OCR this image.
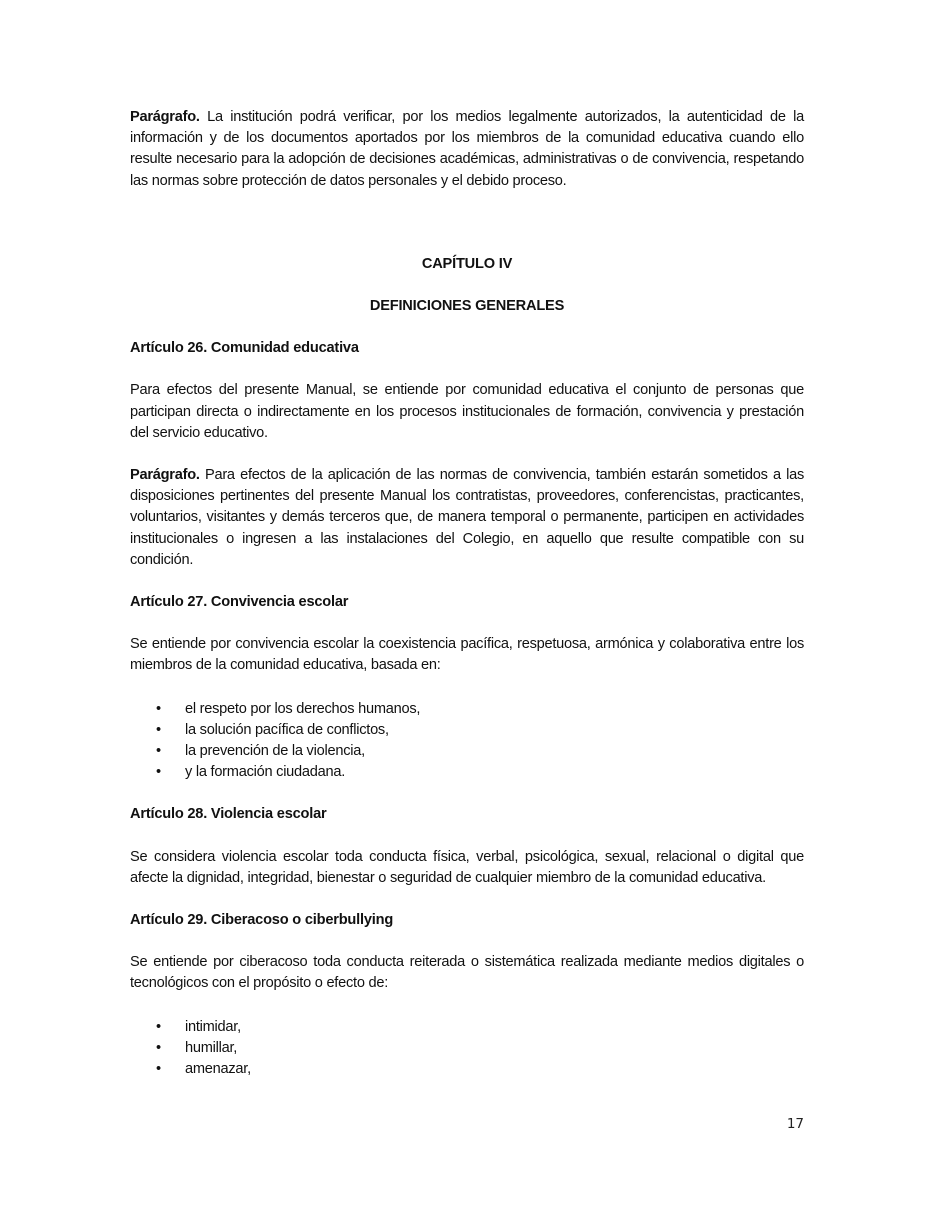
Parágrafo. La institución podrá verificar, por los medios legalmente autorizados, la autenticidad de la información y de los documentos aportados por los miembros de la comunidad educativa cuando ello resulte necesario para la adopción de decisiones académicas, administrativas o de convivencia, respetando las normas sobre protección de datos personales y el debido proceso.

CAPÍTULO IV

DEFINICIONES GENERALES

Artículo 26. Comunidad educativa

Para efectos del presente Manual, se entiende por comunidad educativa el conjunto de personas que participan directa o indirectamente en los procesos institucionales de formación, convivencia y prestación del servicio educativo.

Parágrafo. Para efectos de la aplicación de las normas de convivencia, también estarán sometidos a las disposiciones pertinentes del presente Manual los contratistas, proveedores, conferencistas, practicantes, voluntarios, visitantes y demás terceros que, de manera temporal o permanente, participen en actividades institucionales o ingresen a las instalaciones del Colegio, en aquello que resulte compatible con su condición.

Artículo 27. Convivencia escolar

Se entiende por convivencia escolar la coexistencia pacífica, respetuosa, armónica y colaborativa entre los miembros de la comunidad educativa, basada en:

• el respeto por los derechos humanos,
• la solución pacífica de conflictos,
• la prevención de la violencia,
• y la formación ciudadana.

Artículo 28. Violencia escolar

Se considera violencia escolar toda conducta física, verbal, psicológica, sexual, relacional o digital que afecte la dignidad, integridad, bienestar o seguridad de cualquier miembro de la comunidad educativa.

Artículo 29. Ciberacoso o ciberbullying

Se entiende por ciberacoso toda conducta reiterada o sistemática realizada mediante medios digitales o tecnológicos con el propósito o efecto de:

• intimidar,
• humillar,
• amenazar,
17
